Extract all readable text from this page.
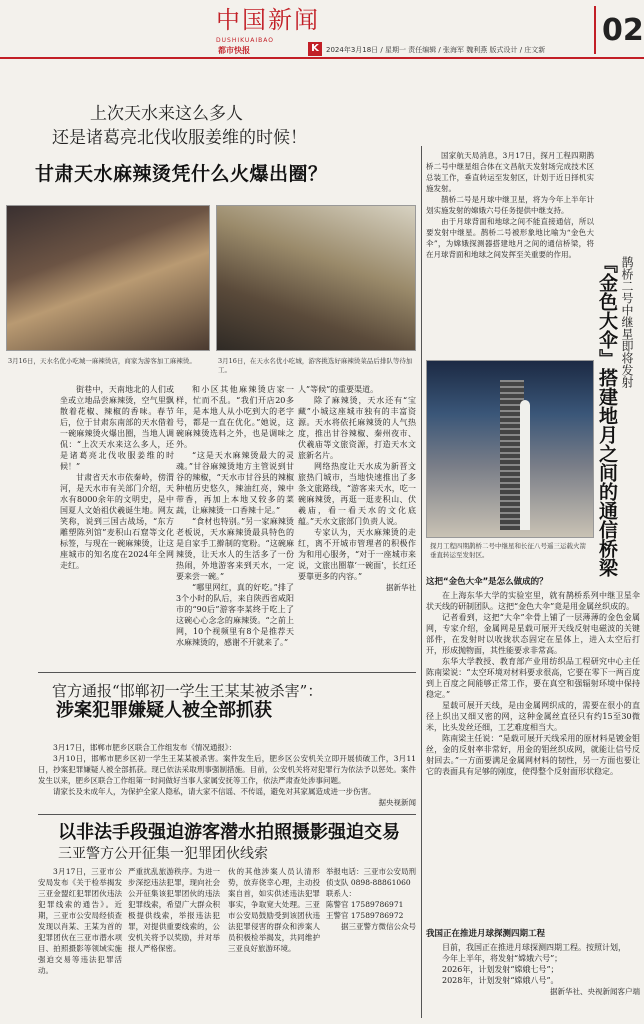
中国新闻
DUSHIKUAIBAO
都市快报	K	2024年3月18日 / 星期一 责任编辑 / 张海军 魏利燕 版式设计 / 庄文新
02
上次天水来这么多人
还是诸葛亮北伐收服姜维的时候！
甘肃天水麻辣烫凭什么火爆出圈？
3月16日，天水名优小吃城一麻辣烫店，商家为游客加工麻辣烫。	3月16日，在天水名优小吃城，游客挑选好麻辣烫菜品后排队等待加工。

街巷中，天南地北的人们或坐或立地品尝麻辣烫，空气里飘散着花椒、辣椒的香味。春节后，位于甘肃东南部的天水借着一碗麻辣烫火爆出圈，当地人调侃：“上次天水来这么多人，还是诸葛亮北伐收服姜维的时候！”

甘肃省天水市依秦岭，傍渭河，是天水市有关部门介绍，天水有8000余年的文明史，是中国夏人文始祖伏羲诞生地。网友笑称，说到三国古战场，“东方雕塑陈列馆”麦积山石窟等文化标签，与现在一碗麻辣烫，让这座城市的知名度在2024年全网走红。

和小区其他麻辣烫店家一样，忙而不乱。“我们开店20多年，是本地人从小吃到大的老字号，都是一直在优化。”她说，这碗麻辣烫选料之外，也是调味之外。

“这是天水麻辣烫最大的灵魂。”甘谷麻辣烫地方主管说到甘谷的辣椒，“天水市甘谷县的辣椒种植历史悠久，辣油红亮，辣中带香，再加上本地又较多的菜蔬，让麻辣烫一口香辣十足。”

“食材也特别。”另一家麻辣烫老板说，天水麻辣烫最具特色的是自家手工擀制的宽粉。“这碗麻辣烫，让天水人的生活多了一份热闹，外地游客来到天水，一定要来尝一碗。”

“哪里网红，真的好吃。”排了3个小时的队后，来自陕西省咸阳市的“90后”游客李某终于吃上了这碗心心念念的麻辣烫。“之前上网，10个视频里有8个是推荐天水麻辣烫的，感谢不开就来了。”

人”等候”的重要渠道。

除了麻辣烫，天水还有“宝藏”小城这座城市独有的丰富资源。天水将依托麻辣烫的人气热度，推出甘谷辣椒、秦州夜市、伏羲庙等文旅资源，打造天水文旅新名片。

网络热度让天水成为新晋文旅热门城市，当地快速推出了多条文旅路线，“游客来天水，吃一碗麻辣烫，再逛一逛麦积山、伏羲庙，看一看天水的文化底蕴。”天水文旅部门负责人说。

专家认为，天水麻辣烫的走红，离不开城市管理者的积极作为和用心服务，“对于一座城市来说，文旅出圈靠‘一碗面’，长红还要靠更多的内容。”

据新华社
官方通报“邯郸初一学生王某某被杀害”：
涉案犯罪嫌疑人被全部抓获

3月17日，邯郸市肥乡区联合工作组发布《情况通报》：

3月10日，邯郸市肥乡区初一学生王某某被杀害。案件发生后，肥乡区公安机关立即开展侦破工作，3月11日，抄案犯罪嫌疑人被全部抓获。现已依法采取刑事强制措施。目前，公安机关将对犯罪行为依法予以惩处。案件发生以来，肥乡区联合工作组第一时间做好当事人家属安抚等工作，依法严肃查处涉事问题。

请家长及未成年人，为保护全家人隐私，请大家不信谣、不传谣，避免对其家属造成进一步伤害。

据央视新闻
以非法手段强迫游客潜水拍照摄影强迫交易
三亚警方公开征集一犯罪团伙线索

3月17日，三亚市公安局发布《关于检举揭发三亚金盟红犯罪团伙违法犯罪线索的通告》。近期，三亚市公安局经侦查发现以肖某、王某为首的犯罪团伙在三亚市潜水项目、拍照摄影等领域实施强迫交易等违法犯罪活动。

严重扰乱旅游秩序。为进一步深挖违法犯罪，现向社会公开征集该犯罪团伙的违法犯罪线索，希望广大群众积极提供线索，举报违法犯罪，对提供重要线索的，公安机关将予以奖励，并对举报人严格保密。

伙的其他涉案人员认清形势，放弃侥幸心理，主动投案自首，如实供述违法犯罪事实，争取宽大处理。三亚市公安局鼓励受到该团伙违法犯罪侵害的群众和涉案人员积极检举揭发，共同维护三亚良好旅游环境。

举报电话：三亚市公安局刑侦支队 0898-88861060
联系人：
陈警官 17589786971
王警官 17589786972

据三亚警方微信公众号

国家航天局消息，3月17日，探月工程四期鹊桥二号中继星组合体在文昌航天发射场完成技术区总装工作，垂直转运至发射区，计划于近日择机实施发射。

鹊桥二号是月球中继卫星，将为今年上半年计划实施发射的嫦娥六号任务提供中继支持。

由于月球背面和地球之间不能直接通信，所以要发射中继星。鹊桥二号被形象地比喻为“金色大伞”，为嫦娥探测器搭建地月之间的通信桥梁，将在月球背面和地球之间发挥至关重要的作用。

鹊桥二号中继星即将发射
『金色大伞』搭建地月之间的通信桥梁
探月工程四期鹊桥二号中继星和长征八号遥三运载火箭垂直转运至发射区。
这把“金色大伞”是怎么做成的？

在上海东华大学的实验室里，就有鹊桥系列中继卫星伞状天线的研制团队。这把“金色大伞”竟是用金属丝织成的。

记者看到，这把“大伞”伞骨上铺了一层薄薄的金色金属网，专家介绍，金属网是星载可展开天线反射电磁波的关键部件，在发射时以收拢状态固定在星体上，进入太空后打开，形成抛物面，其性能要求非常高。

东华大学教授、教育部产业用纺织品工程研究中心主任陈南梁说：“太空环境对材料要求很高，它要在零下一两百度到上百度之间能够正常工作，要在真空和强辐射环境中保持稳定。”

星载可展开天线，是由金属网织成的，需要在很小的直径上织出又细又密的网，这种金属丝直径只有约15至30微米，比头发丝还细，工艺难度相当大。

陈南梁主任说：“是载可展开天线采用的原材料是镀金钼丝，金的反射率非常好，用金的钼丝织成网，就能让信号反射回去。”一方面要满足金属网材料的韧性，另一方面也要让它的表面具有足够的刚度，使得整个反射面形状稳定。

我国正在推进月球探测四期工程

目前，我国正在推进月球探测四期工程。按照计划，

今年上半年，将发射“嫦娥六号”；

2026年，计划发射“嫦娥七号”；

2028年，计划发射“嫦娥八号”。

据新华社、央视新闻客户端
